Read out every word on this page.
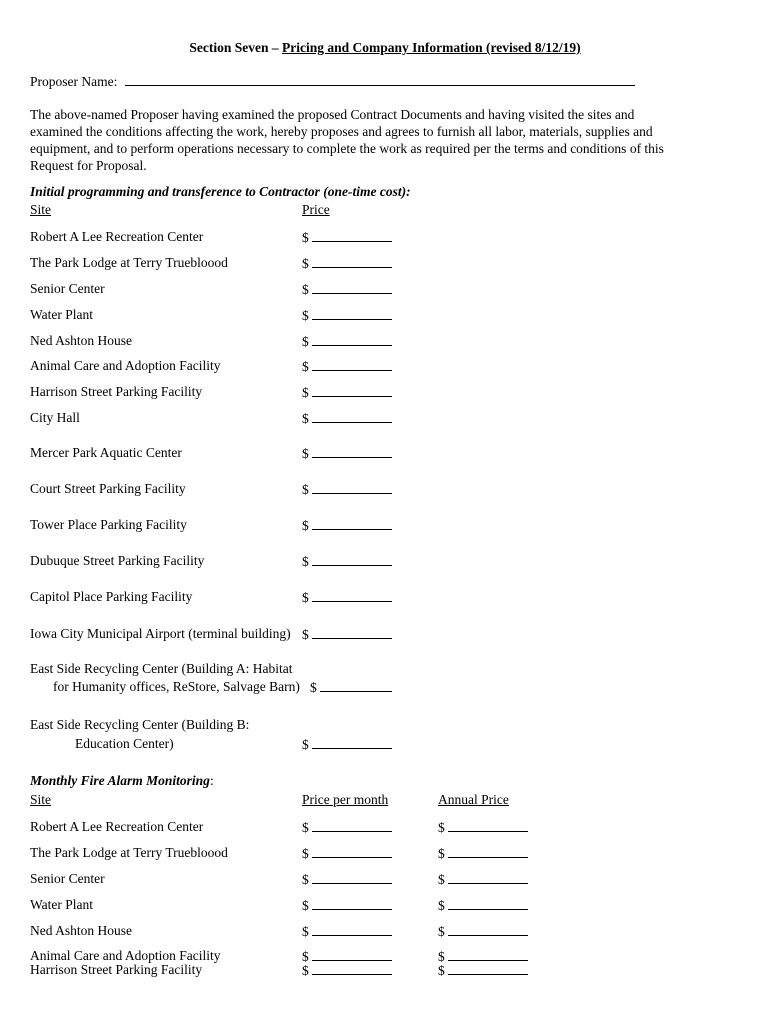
Section Seven – Pricing and Company Information (revised 8/12/19)
Proposer Name:
The above-named Proposer having examined the proposed Contract Documents and having visited the sites and
examined the conditions affecting the work, hereby proposes and agrees to furnish all labor, materials, supplies and
equipment, and to perform operations necessary to complete the work as required per the terms and conditions of this
Request for Proposal.
Initial programming and transference to Contractor (one-time cost):
Site	Price
Robert A Lee Recreation Center	$
The Park Lodge at Terry Truebloood	$
Senior Center	$
Water Plant	$
Ned Ashton House	$
Animal Care and Adoption Facility	$
Harrison Street Parking Facility	$
City Hall	$
Mercer Park Aquatic Center	$
Court Street Parking Facility	$
Tower Place Parking Facility	$
Dubuque Street Parking Facility	$
Capitol Place Parking Facility	$
Iowa City Municipal Airport (terminal building) $
East Side Recycling Center (Building A: Habitat
for Humanity offices, ReStore, Salvage Barn) $
East Side Recycling Center (Building B:
Education Center)	$
Monthly Fire Alarm Monitoring:
Site	Price per month	Annual Price
Robert A Lee Recreation Center	$	$
The Park Lodge at Terry Truebloood	$	$
Senior Center	$	$
Water Plant	$	$
Ned Ashton House	$	$
Animal Care and Adoption Facility	$	$
Harrison Street Parking Facility	$	$
